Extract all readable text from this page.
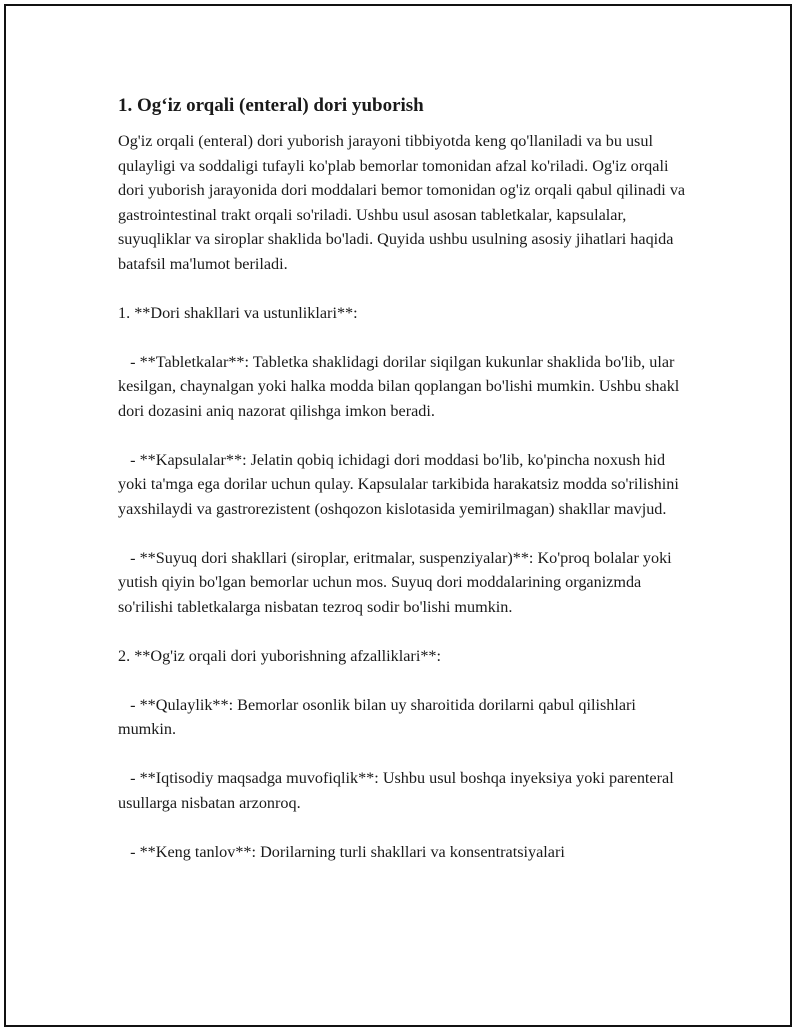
1. Og‘iz orqali (enteral) dori yuborish

Og'iz orqali (enteral) dori yuborish jarayoni tibbiyotda keng qo'llaniladi va bu usul qulayligi va soddaligi tufayli ko'plab bemorlar tomonidan afzal ko'riladi. Og'iz orqali dori yuborish jarayonida dori moddalari bemor tomonidan og'iz orqali qabul qilinadi va gastrointestinal trakt orqali so'riladi. Ushbu usul asosan tabletkalar, kapsulalar, suyuqliklar va siroplar shaklida bo'ladi. Quyida ushbu usulning asosiy jihatlari haqida batafsil ma'lumot beriladi.

1. **Dori shakllari va ustunliklari**:

- **Tabletkalar**: Tabletka shaklidagi dorilar siqilgan kukunlar shaklida bo'lib, ular kesilgan, chaynalgan yoki halka modda bilan qoplangan bo'lishi mumkin. Ushbu shakl dori dozasini aniq nazorat qilishga imkon beradi.

- **Kapsulalar**: Jelatin qobiq ichidagi dori moddasi bo'lib, ko'pincha noxush hid yoki ta'mga ega dorilar uchun qulay. Kapsulalar tarkibida harakatsiz modda so'rilishini yaxshilaydi va gastrorezistent (oshqozon kislotasida yemirilmagan) shakllar mavjud.

- **Suyuq dori shakllari (siroplar, eritmalar, suspenziyalar)**: Ko'proq bolalar yoki yutish qiyin bo'lgan bemorlar uchun mos. Suyuq dori moddalarining organizmda so'rilishi tabletkalarga nisbatan tezroq sodir bo'lishi mumkin.

2. **Og'iz orqali dori yuborishning afzalliklari**:

- **Qulaylik**: Bemorlar osonlik bilan uy sharoitida dorilarni qabul qilishlari mumkin.

- **Iqtisodiy maqsadga muvofiqlik**: Ushbu usul boshqa inyeksiya yoki parenteral usullarga nisbatan arzonroq.

- **Keng tanlov**: Dorilarning turli shakllari va konsentratsiyalari
